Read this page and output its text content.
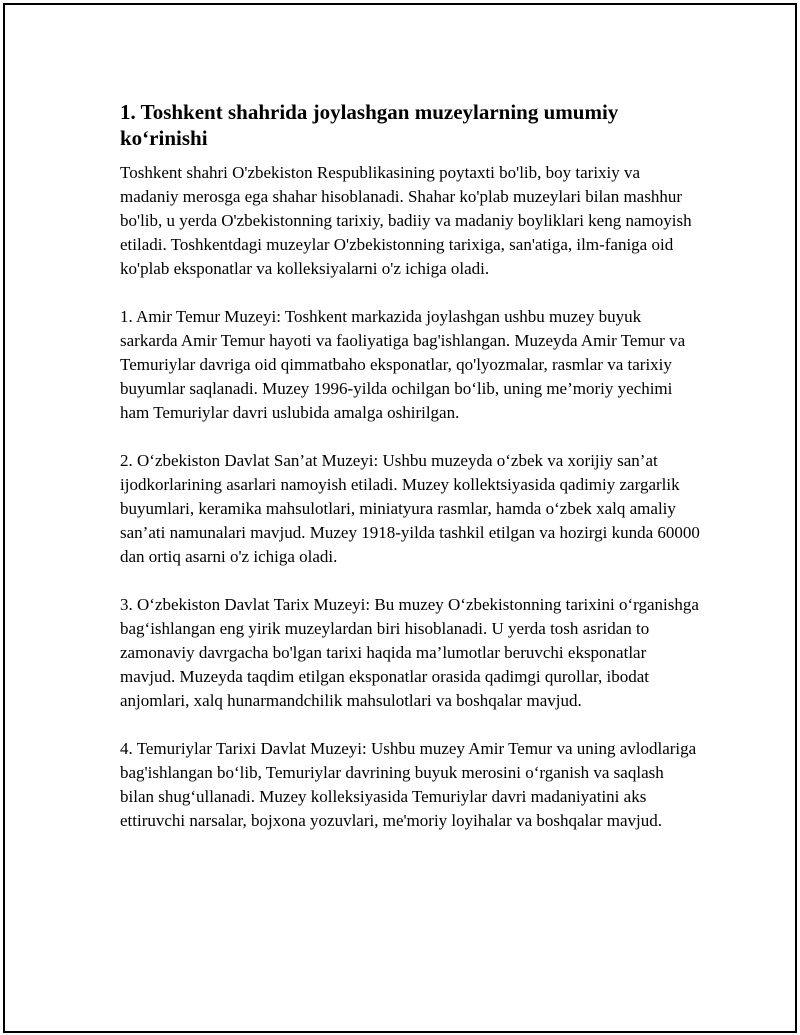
1. Toshkent shahrida joylashgan muzeylarning umumiy koʻrinishi

Toshkent shahri O'zbekiston Respublikasining poytaxti bo'lib, boy tarixiy va madaniy merosga ega shahar hisoblanadi. Shahar ko'plab muzeylari bilan mashhur bo'lib, u yerda O'zbekistonning tarixiy, badiiy va madaniy boyliklari keng namoyish etiladi. Toshkentdagi muzeylar O'zbekistonning tarixiga, san'atiga, ilm-faniga oid ko'plab eksponatlar va kolleksiyalarni o'z ichiga oladi.

1. Amir Temur Muzeyi: Toshkent markazida joylashgan ushbu muzey buyuk sarkarda Amir Temur hayoti va faoliyatiga bag'ishlangan. Muzeyda Amir Temur va Temuriylar davriga oid qimmatbaho eksponatlar, qo'lyozmalar, rasmlar va tarixiy buyumlar saqlanadi. Muzey 1996-yilda ochilgan boʻlib, uning me’moriy yechimi ham Temuriylar davri uslubida amalga oshirilgan.

2. Oʻzbekiston Davlat San’at Muzeyi: Ushbu muzeyda oʻzbek va xorijiy san’at ijodkorlarining asarlari namoyish etiladi. Muzey kollektsiyasida qadimiy zargarlik buyumlari, keramika mahsulotlari, miniatyura rasmlar, hamda oʻzbek xalq amaliy san’ati namunalari mavjud. Muzey 1918-yilda tashkil etilgan va hozirgi kunda 60000 dan ortiq asarni o'z ichiga oladi.

3. Oʻzbekiston Davlat Tarix Muzeyi: Bu muzey Oʻzbekistonning tarixini oʻrganishga bagʻishlangan eng yirik muzeylardan biri hisoblanadi. U yerda tosh asridan to zamonaviy davrgacha bo'lgan tarixi haqida ma’lumotlar beruvchi eksponatlar mavjud. Muzeyda taqdim etilgan eksponatlar orasida qadimgi qurollar, ibodat anjomlari, xalq hunarmandchilik mahsulotlari va boshqalar mavjud.

4. Temuriylar Tarixi Davlat Muzeyi: Ushbu muzey Amir Temur va uning avlodlariga bag'ishlangan boʻlib, Temuriylar davrining buyuk merosini oʻrganish va saqlash bilan shugʻullanadi. Muzey kolleksiyasida Temuriylar davri madaniyatini aks ettiruvchi narsalar, bojxona yozuvlari, me'moriy loyihalar va boshqalar mavjud.
